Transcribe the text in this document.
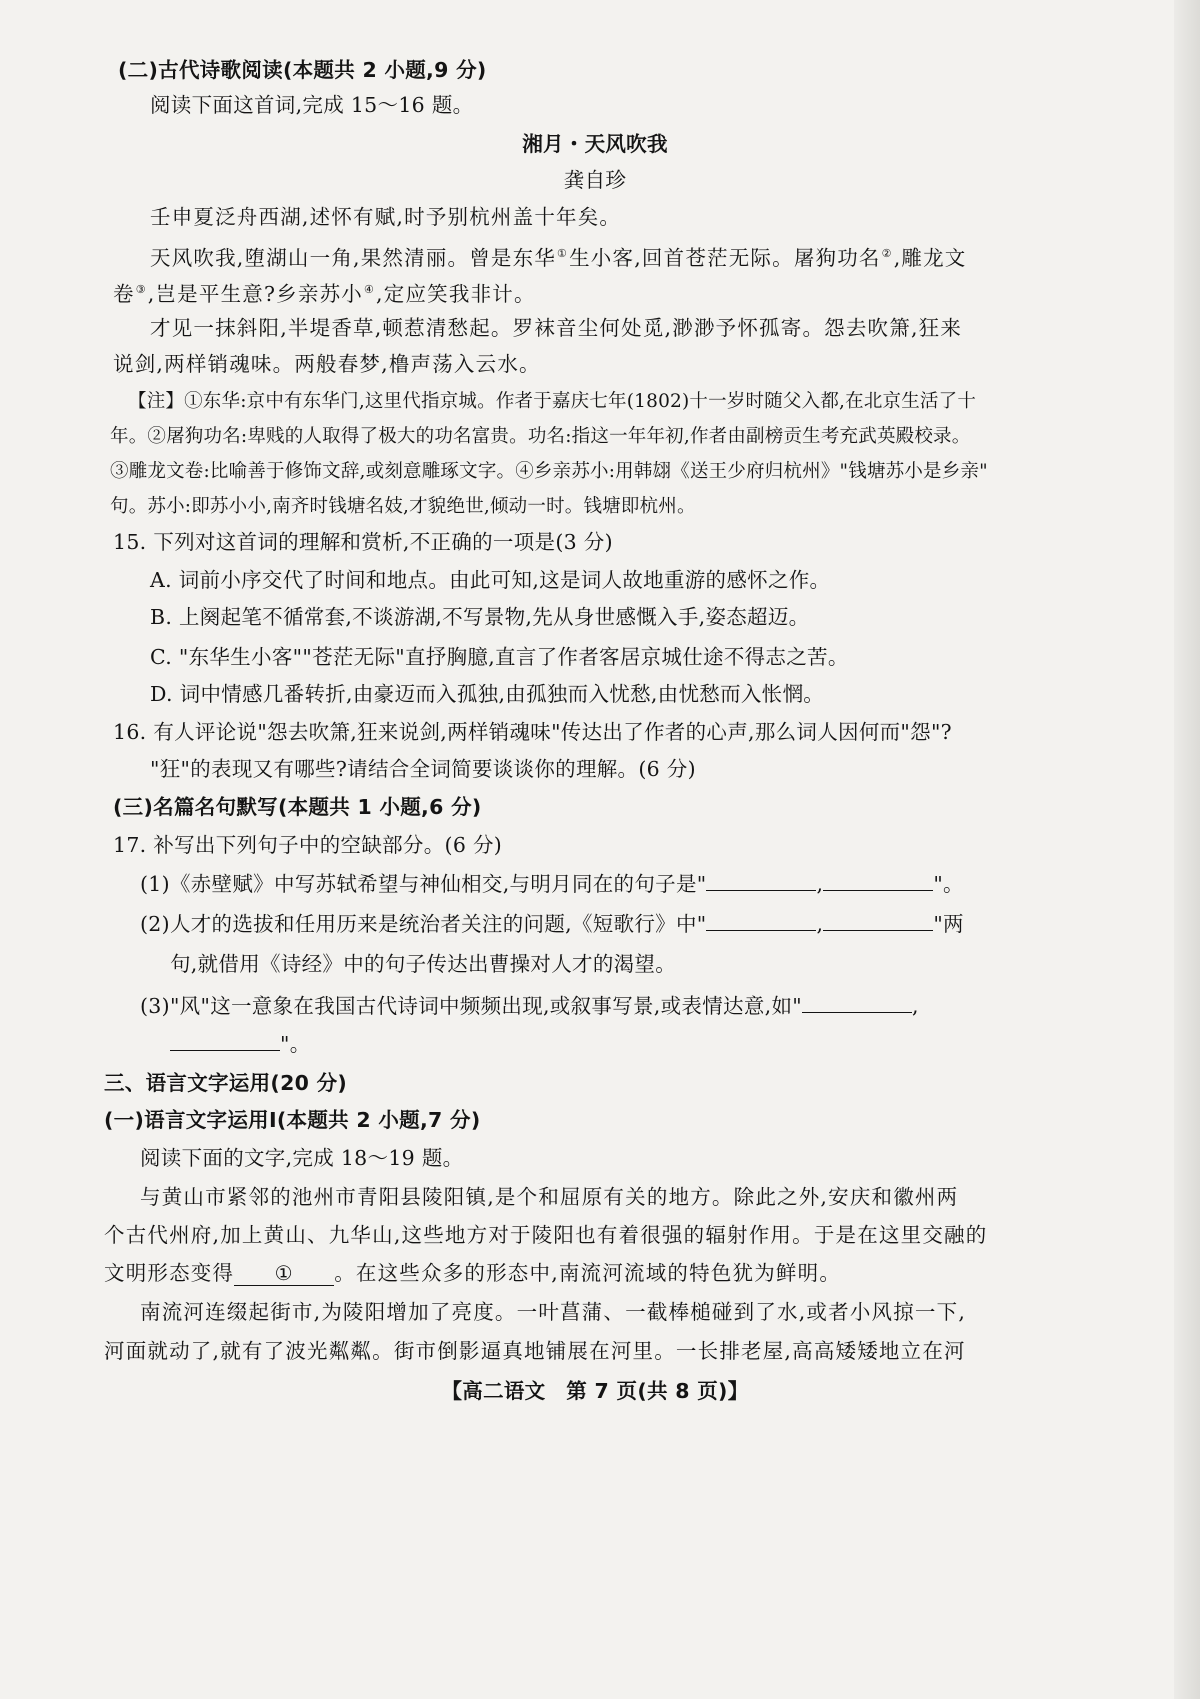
(二)古代诗歌阅读(本题共 2 小题,9 分)
阅读下面这首词,完成 15～16 题。
湘月・天风吹我
龚自珍
壬申夏泛舟西湖,述怀有赋,时予别杭州盖十年矣。
天风吹我,堕湖山一角,果然清丽。曾是东华①生小客,回首苍茫无际。屠狗功名②,雕龙文
卷③,岂是平生意?乡亲苏小④,定应笑我非计。
才见一抹斜阳,半堤香草,顿惹清愁起。罗袜音尘何处觅,渺渺予怀孤寄。怨去吹箫,狂来
说剑,两样销魂味。两般春梦,橹声荡入云水。
【注】①东华:京中有东华门,这里代指京城。作者于嘉庆七年(1802)十一岁时随父入都,在北京生活了十
年。②屠狗功名:卑贱的人取得了极大的功名富贵。功名:指这一年年初,作者由副榜贡生考充武英殿校录。
③雕龙文卷:比喻善于修饰文辞,或刻意雕琢文字。④乡亲苏小:用韩翃《送王少府归杭州》"钱塘苏小是乡亲"
句。苏小:即苏小小,南齐时钱塘名妓,才貌绝世,倾动一时。钱塘即杭州。
15. 下列对这首词的理解和赏析,不正确的一项是(3 分)
A. 词前小序交代了时间和地点。由此可知,这是词人故地重游的感怀之作。
B. 上阕起笔不循常套,不谈游湖,不写景物,先从身世感慨入手,姿态超迈。
C. "东华生小客""苍茫无际"直抒胸臆,直言了作者客居京城仕途不得志之苦。
D. 词中情感几番转折,由豪迈而入孤独,由孤独而入忧愁,由忧愁而入怅惘。
16. 有人评论说"怨去吹箫,狂来说剑,两样销魂味"传达出了作者的心声,那么词人因何而"怨"?
"狂"的表现又有哪些?请结合全词简要谈谈你的理解。(6 分)
(三)名篇名句默写(本题共 1 小题,6 分)
17. 补写出下列句子中的空缺部分。(6 分)
(1)《赤壁赋》中写苏轼希望与神仙相交,与明月同在的句子是"	,	"。
(2)人才的选拔和任用历来是统治者关注的问题,《短歌行》中"	,	"两
句,就借用《诗经》中的句子传达出曹操对人才的渴望。
(3)"风"这一意象在我国古代诗词中频频出现,或叙事写景,或表情达意,如"	,
"。
三、语言文字运用(20 分)
(一)语言文字运用Ⅰ(本题共 2 小题,7 分)
阅读下面的文字,完成 18～19 题。
与黄山市紧邻的池州市青阳县陵阳镇,是个和屈原有关的地方。除此之外,安庆和徽州两
个古代州府,加上黄山、九华山,这些地方对于陵阳也有着很强的辐射作用。于是在这里交融的
文明形态变得 ① 。在这些众多的形态中,南流河流域的特色犹为鲜明。
南流河连缀起街市,为陵阳增加了亮度。一叶菖蒲、一截棒槌碰到了水,或者小风掠一下,
河面就动了,就有了波光粼粼。街市倒影逼真地铺展在河里。一长排老屋,高高矮矮地立在河
【高二语文　第 7 页(共 8 页)】
